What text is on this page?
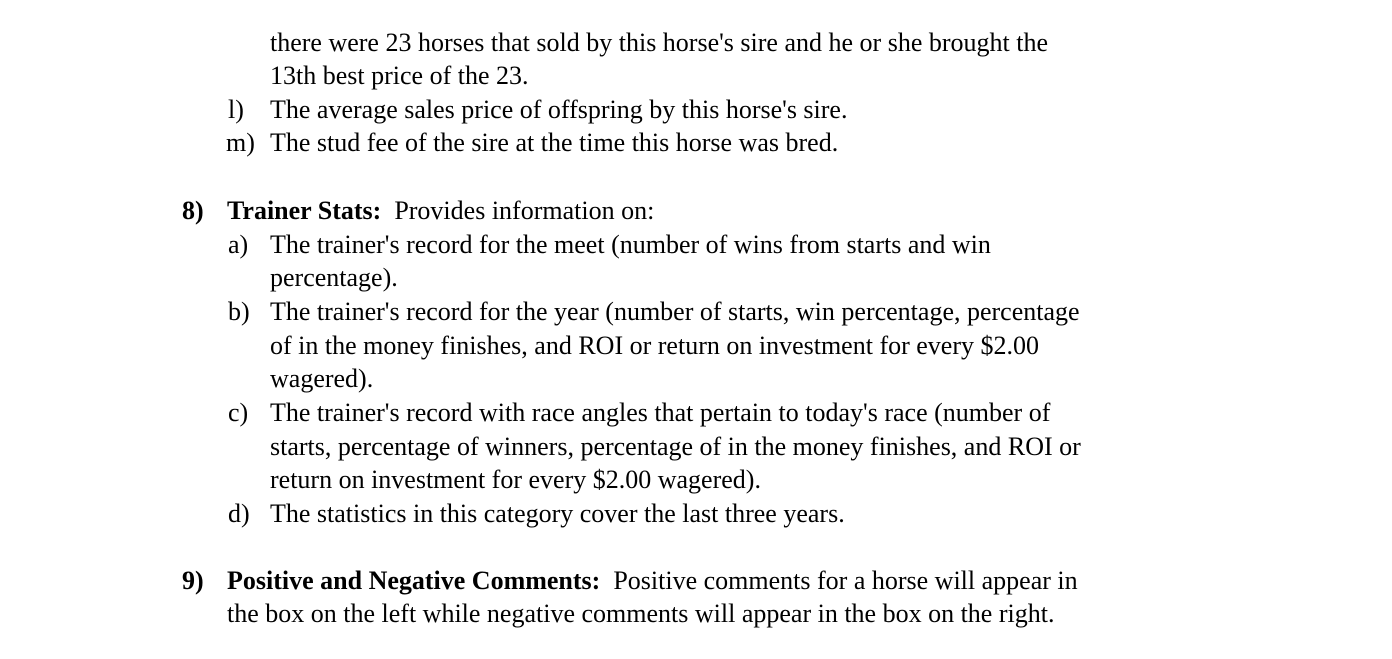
there were 23 horses that sold by this horse's sire and he or she brought the
13th best price of the 23.
l) The average sales price of offspring by this horse's sire.
m) The stud fee of the sire at the time this horse was bred.
8) Trainer Stats: Provides information on:
a) The trainer's record for the meet (number of wins from starts and win
percentage).
b) The trainer's record for the year (number of starts, win percentage, percentage
of in the money finishes, and ROI or return on investment for every $2.00
wagered).
c) The trainer's record with race angles that pertain to today's race (number of
starts, percentage of winners, percentage of in the money finishes, and ROI or
return on investment for every $2.00 wagered).
d) The statistics in this category cover the last three years.
9) Positive and Negative Comments: Positive comments for a horse will appear in
the box on the left while negative comments will appear in the box on the right.
